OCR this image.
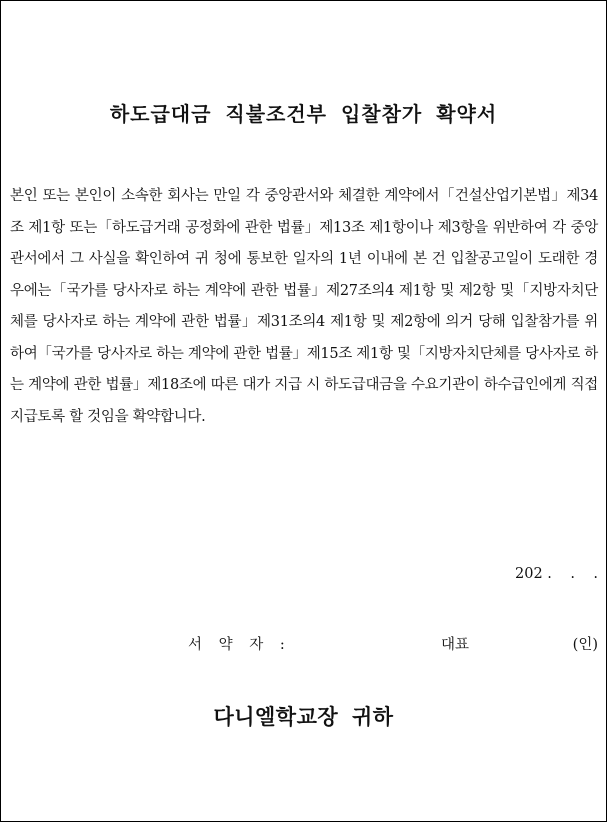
하도급대금 직불조건부 입찰참가 확약서
본인 또는 본인이 소속한 회사는 만일 각 중앙관서와 체결한 계약에서「건설산업기본법」제34조 제1항 또는「하도급거래 공정화에 관한 법률」제13조 제1항이나 제3항을 위반하여 각 중앙관서에서 그 사실을 확인하여 귀 청에 통보한 일자의 1년 이내에 본 건 입찰공고일이 도래한 경우에는「국가를 당사자로 하는 계약에 관한 법률」제27조의4 제1항 및 제2항 및「지방자치단체를 당사자로 하는 계약에 관한 법률」제31조의4 제1항 및 제2항에 의거 당해 입찰참가를 위하여「국가를 당사자로 하는 계약에 관한 법률」제15조 제1항 및「지방자치단체를 당사자로 하는 계약에 관한 법률」제18조에 따른 대가 지급 시 하도급대금을 수요기관이 하수급인에게 직접 지급토록 할 것임을 확약합니다.
202 .    .    .
서 약 자 :	대표	(인)
다니엘학교장 귀하
